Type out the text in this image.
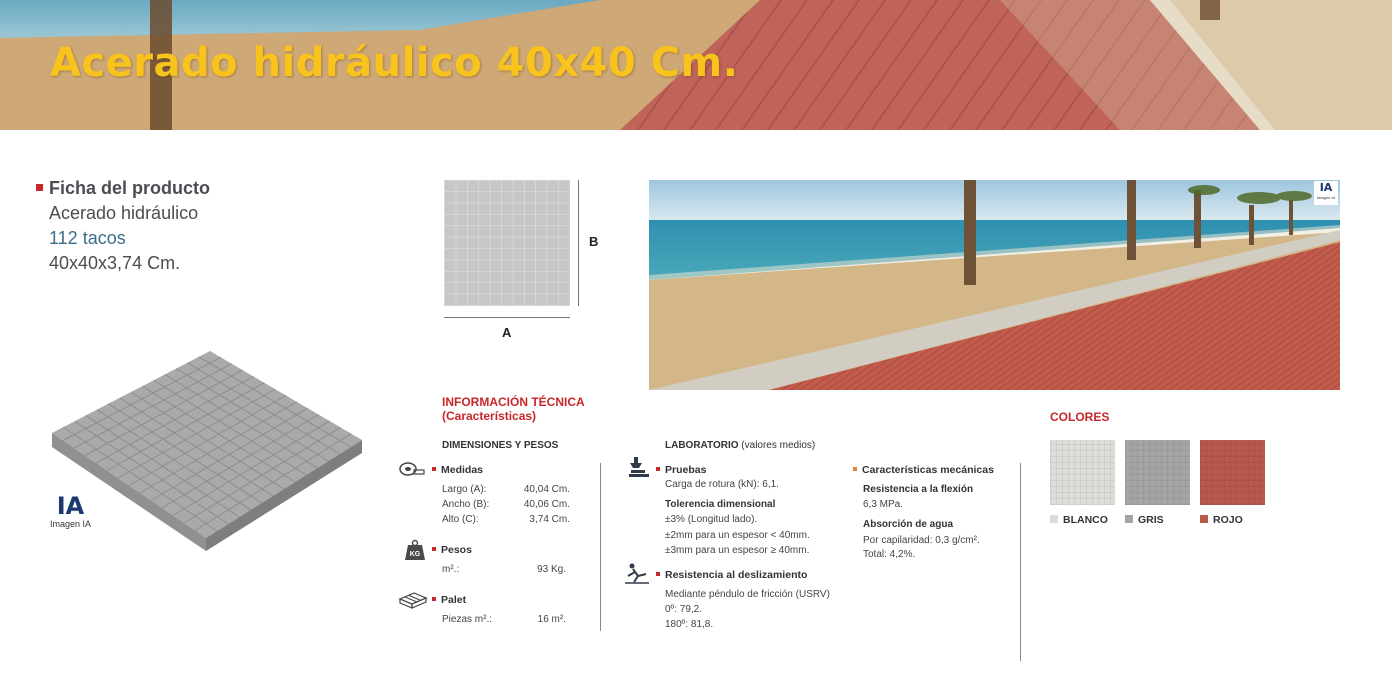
Acerado hidráulico 40x40 Cm.
Ficha del producto
Acerado hidráulico
112 tacos
40x40x3,74 Cm.
IA
Imagen IA
B
A
IA
Imagen IA
INFORMACIÓN TÉCNICA
(Características)
DIMENSIONES Y PESOS
Medidas
Largo (A):	40,04 Cm.
Ancho (B):	40,06 Cm.
Alto (C):	3,74 Cm.
KG	Pesos
m².:	93 Kg.
Palet
Piezas m².:	16 m².
LABORATORIO (valores medios)
Pruebas
Carga de rotura (kN): 6,1.
Tolerencia dimensional
±3% (Longitud lado).
±2mm para un espesor < 40mm.
±3mm para un espesor ≥ 40mm.
Resistencia al deslizamiento
Mediante péndulo de fricción (USRV)
0º: 79,2.
180º: 81,8.
Características mecánicas
Resistencia a la flexión
6,3 MPa.
Absorción de agua
Por capilaridad: 0,3 g/cm².
Total: 4,2%.
COLORES
BLANCO	GRIS	ROJO
